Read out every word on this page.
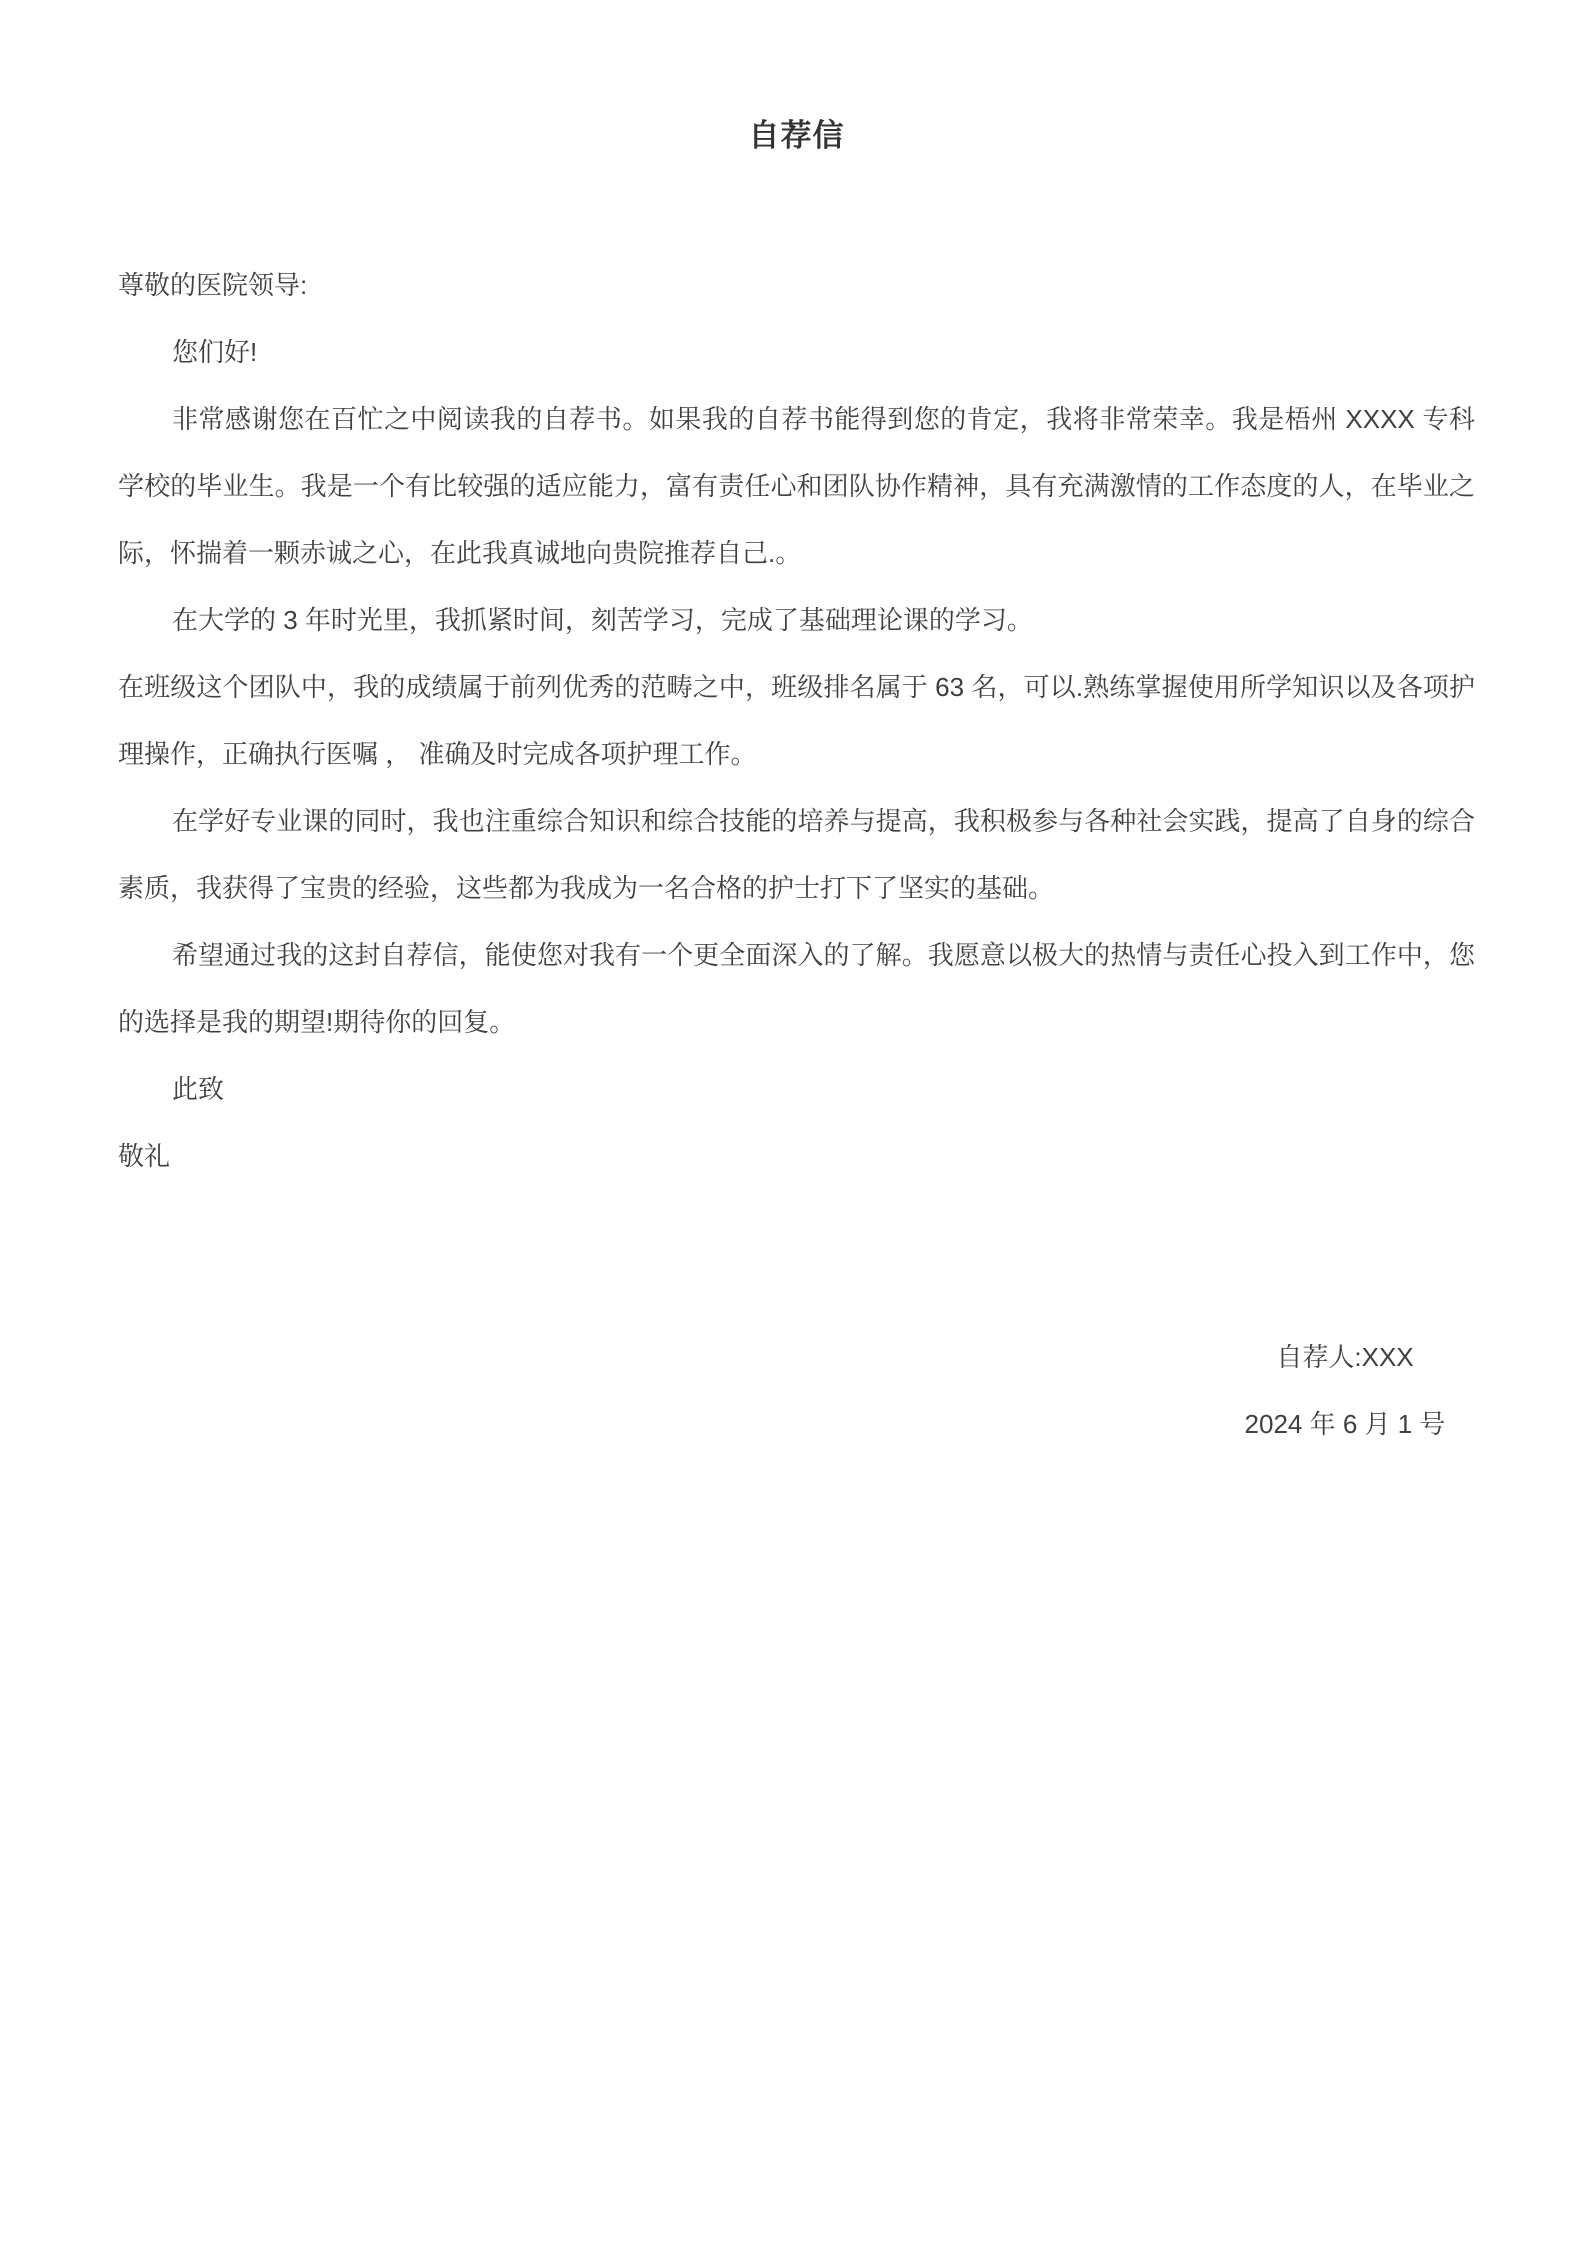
自荐信

尊敬的医院领导:

您们好!

非常感谢您在百忙之中阅读我的自荐书。如果我的自荐书能得到您的肯定，我将非常荣幸。我是梧州 XXXX 专科学校的毕业生。我是一个有比较强的适应能力，富有责任心和团队协作精神，具有充满激情的工作态度的人，在毕业之际，怀揣着一颗赤诚之心，在此我真诚地向贵院推荐自己.。

在大学的 3 年时光里，我抓紧时间，刻苦学习，完成了基础理论课的学习。

在班级这个团队中，我的成绩属于前列优秀的范畴之中，班级排名属于 63 名，可以.熟练掌握使用所学知识以及各项护理操作，正确执行医嘱 ， 准确及时完成各项护理工作。

在学好专业课的同时，我也注重综合知识和综合技能的培养与提高，我积极参与各种社会实践，提高了自身的综合素质，我获得了宝贵的经验，这些都为我成为一名合格的护士打下了坚实的基础。

希望通过我的这封自荐信，能使您对我有一个更全面深入的了解。我愿意以极大的热情与责任心投入到工作中，您的选择是我的期望!期待你的回复。

此致

敬礼

自荐人:XXX

2024 年 6 月 1 号
